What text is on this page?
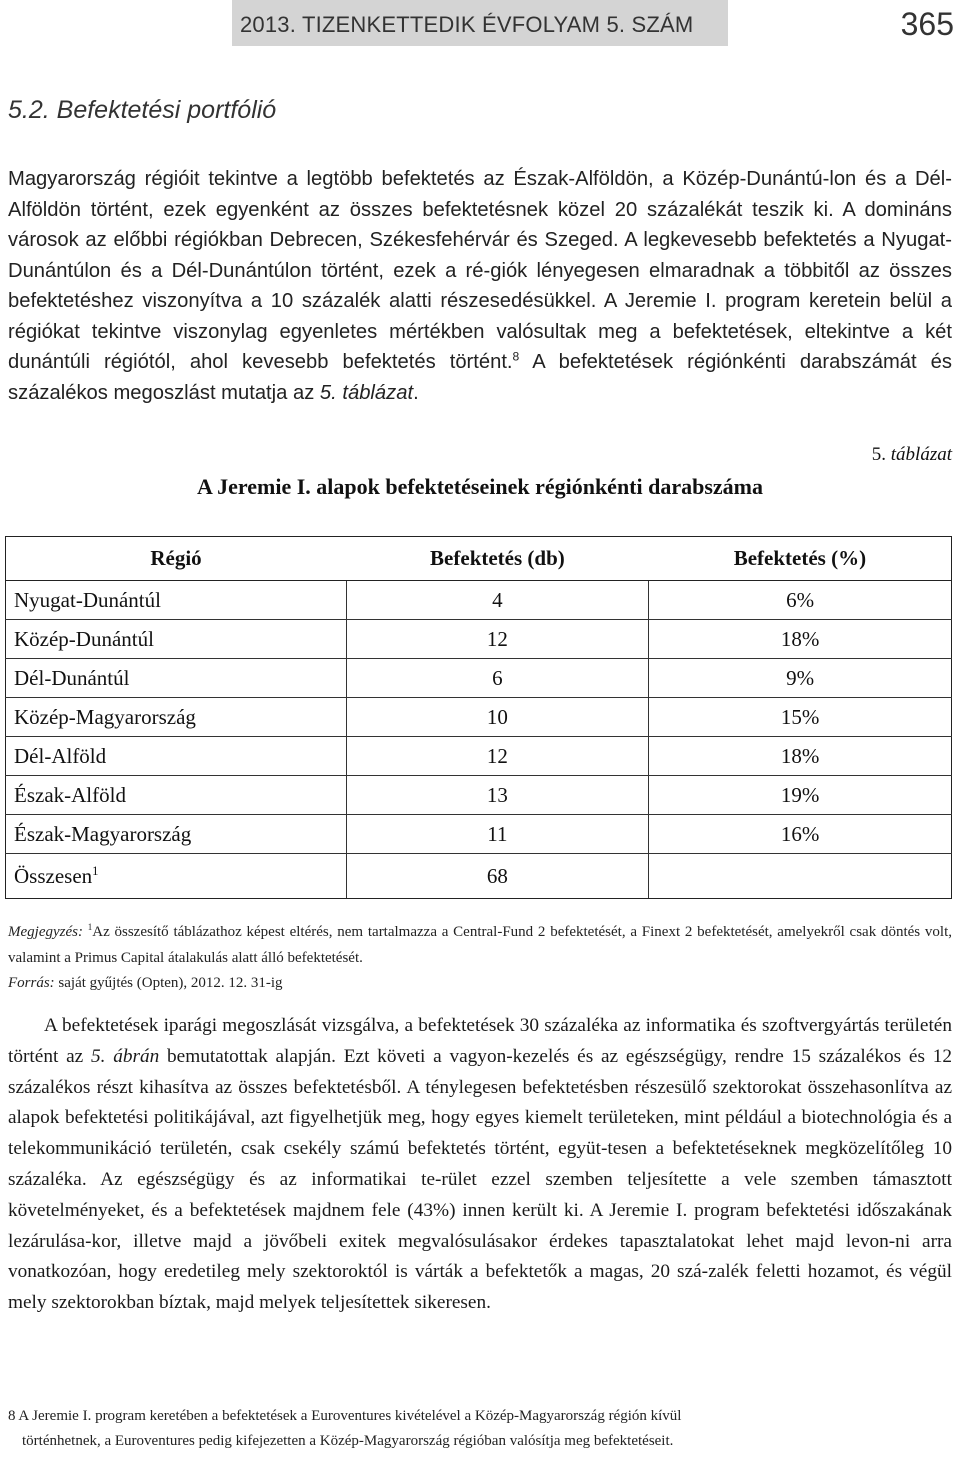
2013. TIZENKETTEDIK ÉVFOLYAM 5. SZÁM	365
5.2. Befektetési portfólió

Magyarország régióit tekintve a legtöbb befektetés az Észak-Alföldön, a Közép-Dunántú-lon és a Dél-Alföldön történt, ezek egyenként az összes befektetésnek közel 20 százalékát teszik ki. A domináns városok az előbbi régiókban Debrecen, Székesfehérvár és Szeged. A legkevesebb befektetés a Nyugat-Dunántúlon és a Dél-Dunántúlon történt, ezek a ré-giók lényegesen elmaradnak a többitől az összes befektetéshez viszonyítva a 10 százalék alatti részesedésükkel. A Jeremie I. program keretein belül a régiókat tekintve viszonylag egyenletes mértékben valósultak meg a befektetések, eltekintve a két dunántúli régiótól, ahol kevesebb befektetés történt.$^8$ A befektetések régiónkénti darabszámát és százalékos megoszlást mutatja az 5. táblázat.

5. táblázat
A Jeremie I. alapok befektetéseinek régiónkénti darabszáma
Régió	Befektetés (db)	Befektetés (%)
Nyugat-Dunántúl	4	6%
Közép-Dunántúl	12	18%
Dél-Dunántúl	6	9%
Közép-Magyarország	10	15%
Dél-Alföld	12	18%
Észak-Alföld	13	19%
Észak-Magyarország	11	16%
Összesen$^1$	68	

Megjegyzés: $^1$Az összesítő táblázathoz képest eltérés, nem tartalmazza a Central-Fund 2 befektetését, a Finext 2 befektetését, amelyekről csak döntés volt, valamint a Primus Capital átalakulás alatt álló befektetését.

Forrás: saját gyűjtés (Opten), 2012. 12. 31-ig

A befektetések iparági megoszlását vizsgálva, a befektetések 30 százaléka az informatika és szoftvergyártás területén történt az 5. ábrán bemutatottak alapján. Ezt követi a vagyon-kezelés és az egészségügy, rendre 15 százalékos és 12 százalékos részt kihasítva az összes befektetésből. A ténylegesen befektetésben részesülő szektorokat összehasonlítva az alapok befektetési politikájával, azt figyelhetjük meg, hogy egyes kiemelt területeken, mint például a biotechnológia és a telekommunikáció területén, csak csekély számú befektetés történt, együt-tesen a befektetéseknek megközelítőleg 10 százaléka. Az egészségügy és az informatikai te-rület ezzel szemben teljesítette a vele szemben támasztott követelményeket, és a befektetések majdnem fele (43%) innen került ki. A Jeremie I. program befektetési időszakának lezárulása-kor, illetve majd a jövőbeli exitek megvalósulásakor érdekes tapasztalatokat lehet majd levon-ni arra vonatkozóan, hogy eredetileg mely szektoroktól is várták a befektetők a magas, 20 szá-zalék feletti hozamot, és végül mely szektorokban bíztak, majd melyek teljesítettek sikeresen.

8 A Jeremie I. program keretében a befektetések a Euroventures kivételével a Közép-Magyarország régión kívül

történhetnek, a Euroventures pedig kifejezetten a Közép-Magyarország régióban valósítja meg befektetéseit.
